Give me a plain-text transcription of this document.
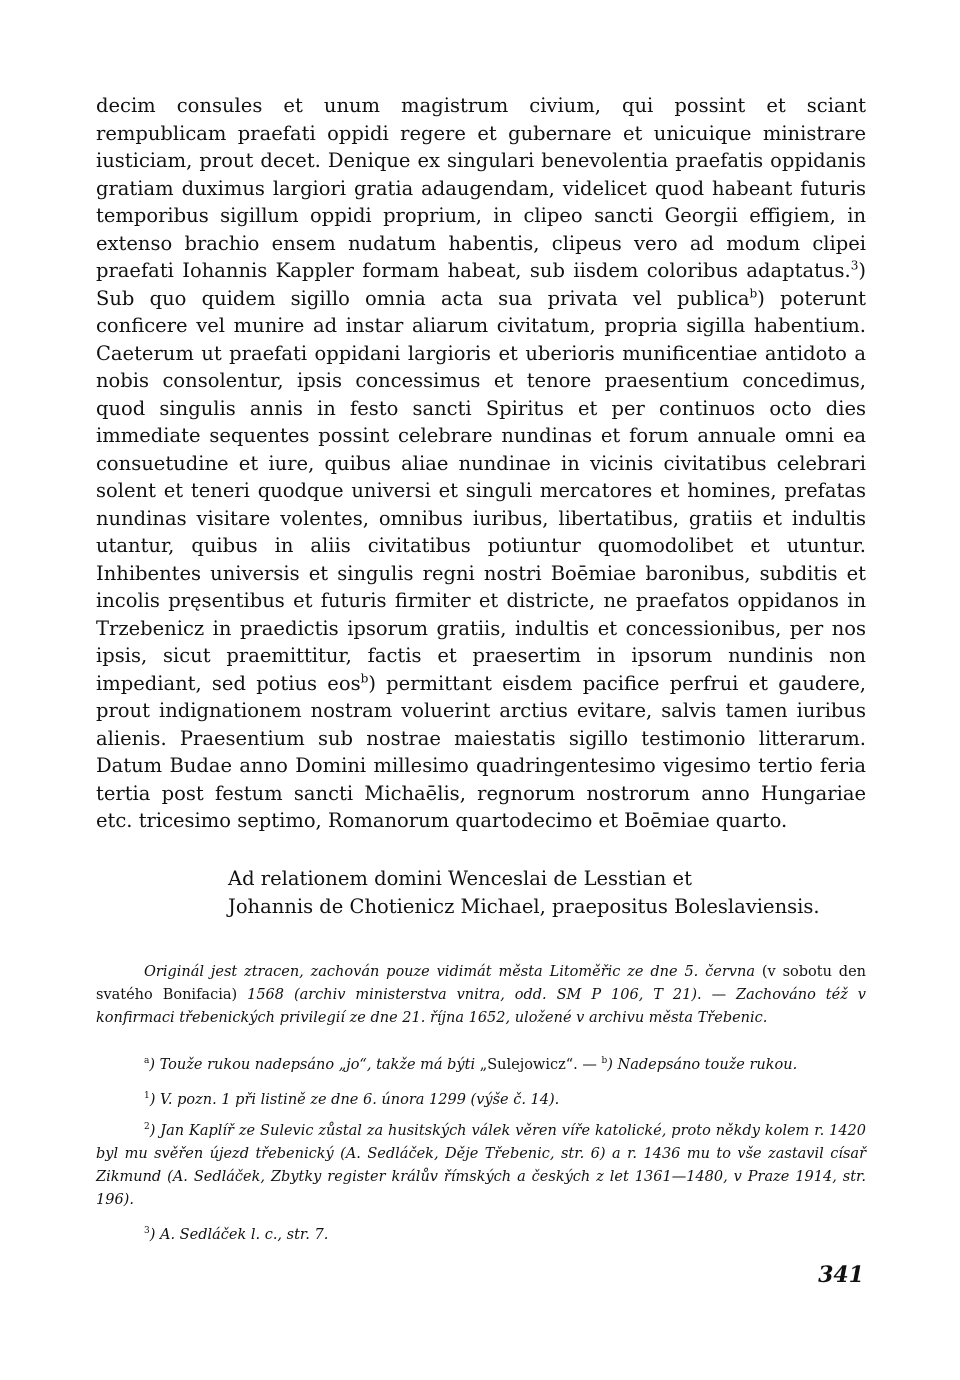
decim consules et unum magistrum civium, qui possint et sciant rempublicam praefati oppidi regere et gubernare et unicuique ministrare iusticiam, prout decet. Denique ex singulari benevolentia praefatis oppidanis gratiam duximus largiori gratia adaugendam, videlicet quod habeant futuris temporibus sigillum oppidi proprium, in clipeo sancti Georgii effigiem, in extenso brachio ensem nudatum habentis, clipeus vero ad modum clipei praefati Iohannis Kappler formam habeat, sub iisdem coloribus adaptatus.$^3$) Sub quo quidem sigillo omnia acta sua privata vel publica$^b$) poterunt conficere vel munire ad instar aliarum civitatum, propria sigilla habentium. Caeterum ut praefati oppidani largioris et uberioris munificentiae antidoto a nobis consolentur, ipsis concessimus et tenore praesentium concedimus, quod singulis annis in festo sancti Spiritus et per continuos octo dies immediate sequentes possint celebrare nundinas et forum annuale omni ea consuetudine et iure, quibus aliae nundinae in vicinis civitatibus celebrari solent et teneri quodque universi et singuli mercatores et homines, prefatas nundinas visitare volentes, omnibus iuribus, libertatibus, gratiis et indultis utantur, quibus in aliis civitatibus potiuntur quomodolibet et utuntur. Inhibentes universis et singulis regni nostri Boēmiae baronibus, subditis et incolis pręsentibus et futuris firmiter et districte, ne praefatos oppidanos in Trzebenicz in praedictis ipsorum gratiis, indultis et concessionibus, per nos ipsis, sicut praemittitur, factis et praesertim in ipsorum nundinis non impediant, sed potius eos$^b$) permittant eisdem pacifice perfrui et gaudere, prout indignationem nostram voluerint arctius evitare, salvis tamen iuribus alienis. Praesentium sub nostrae maiestatis sigillo testimonio litterarum. Datum Budae anno Domini millesimo quadringentesimo vigesimo tertio feria tertia post festum sancti Michaēlis, regnorum nostrorum anno Hungariae etc. tricesimo septimo, Romanorum quartodecimo et Boēmiae quarto.

Ad relationem domini Wenceslai de Lesstian et
Johannis de Chotienicz Michael, praepositus Boleslaviensis.

Originál jest ztracen, zachován pouze vidimát města Litoměřic ze dne 5. června (v sobotu den svatého Bonifacia) 1568 (archiv ministerstva vnitra, odd. SM P 106, T 21). — Zachováno též v konfirmaci třebenických privilegií ze dne 21. října 1652, uložené v archivu města Třebenic.

$^a$) Touže rukou nadepsáno „jo“, takže má býti „Sulejowicz“. — $^b$) Nadepsáno touže rukou.

$^1$) V. pozn. 1 při listině ze dne 6. února 1299 (výše č. 14).

$^2$) Jan Kaplíř ze Sulevic zůstal za husitských válek věren víře katolické, proto někdy kolem r. 1420 byl mu svěřen újezd třebenický (A. Sedláček, Děje Třebenic, str. 6) a r. 1436 mu to vše zastavil císař Zikmund (A. Sedláček, Zbytky register králův římských a českých z let 1361—1480, v Praze 1914, str. 196).

$^3$) A. Sedláček l. c., str. 7.

341
